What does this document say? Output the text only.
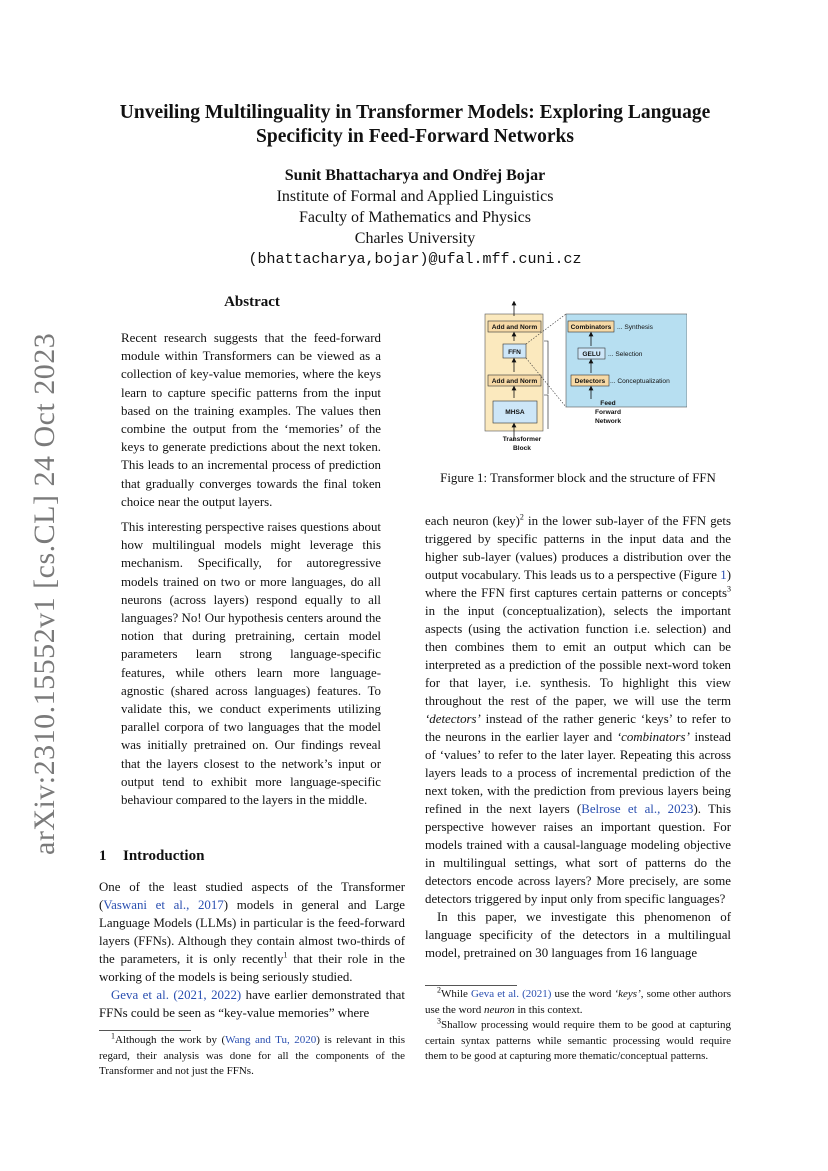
arXiv:2310.15552v1 [cs.CL] 24 Oct 2023
Unveiling Multilinguality in Transformer Models: Exploring Language
Specificity in Feed-Forward Networks
Sunit Bhattacharya and Ondřej Bojar
Institute of Formal and Applied Linguistics
Faculty of Mathematics and Physics
Charles University
(bhattacharya,bojar)@ufal.mff.cuni.cz
Abstract

Recent research suggests that the feed-forward module within Transformers can be viewed as a collection of key-value memories, where the keys learn to capture specific patterns from the input based on the training examples. The values then combine the output from the ‘memories’ of the keys to generate predictions about the next token. This leads to an incremental process of prediction that gradually converges towards the final token choice near the output layers.

This interesting perspective raises questions about how multilingual models might leverage this mechanism. Specifically, for autoregressive models trained on two or more languages, do all neurons (across layers) respond equally to all languages? No! Our hypothesis centers around the notion that during pretraining, certain model parameters learn strong language-specific features, while others learn more language-agnostic (shared across languages) features. To validate this, we conduct experiments utilizing parallel corpora of two languages that the model was initially pretrained on. Our findings reveal that the layers closest to the network’s input or output tend to exhibit more language-specific behaviour compared to the layers in the middle.

1 Introduction

One of the least studied aspects of the Transformer (Vaswani et al., 2017) models in general and Large Language Models (LLMs) in particular is the feed-forward layers (FFNs). Although they contain almost two-thirds of the parameters, it is only recently$^1$ that their role in the working of the models is being seriously studied.

Geva et al. (2021, 2022) have earlier demonstrated that FFNs could be seen as “key-value memories” where

$^1$Although the work by (Wang and Tu, 2020) is relevant in this regard, their analysis was done for all the components of the Transformer and not just the FFNs.

Add and Norm
FFN
Add and Norm
MHSA
Transformer
Block
Combinators ... Synthesis
GELU ... Selection
Detectors ... Conceptualization
Feed
Forward
Network
Figure 1: Transformer block and the structure of FFN

each neuron (key)$^2$ in the lower sub-layer of the FFN gets triggered by specific patterns in the input data and the higher sub-layer (values) produces a distribution over the output vocabulary. This leads us to a perspective (Figure 1) where the FFN first captures certain patterns or concepts$^3$ in the input (conceptualization), selects the important aspects (using the activation function i.e. selection) and then combines them to emit an output which can be interpreted as a prediction of the possible next-word token for that layer, i.e. synthesis. To highlight this view throughout the rest of the paper, we will use the term ‘detectors’ instead of the rather generic ‘keys’ to refer to the neurons in the earlier layer and ‘combinators’ instead of ‘values’ to refer to the later layer. Repeating this across layers leads to a process of incremental prediction of the next token, with the prediction from previous layers being refined in the next layers (Belrose et al., 2023). This perspective however raises an important question. For models trained with a causal-language modeling objective in multilingual settings, what sort of patterns do the detectors encode across layers? More precisely, are some detectors triggered by input only from specific languages?

In this paper, we investigate this phenomenon of language specificity of the detectors in a multilingual model, pretrained on 30 languages from 16 language

$^2$While Geva et al. (2021) use the word ‘keys’, some other authors use the word neuron in this context.

$^3$Shallow processing would require them to be good at capturing certain syntax patterns while semantic processing would require them to be good at capturing more thematic/conceptual patterns.
